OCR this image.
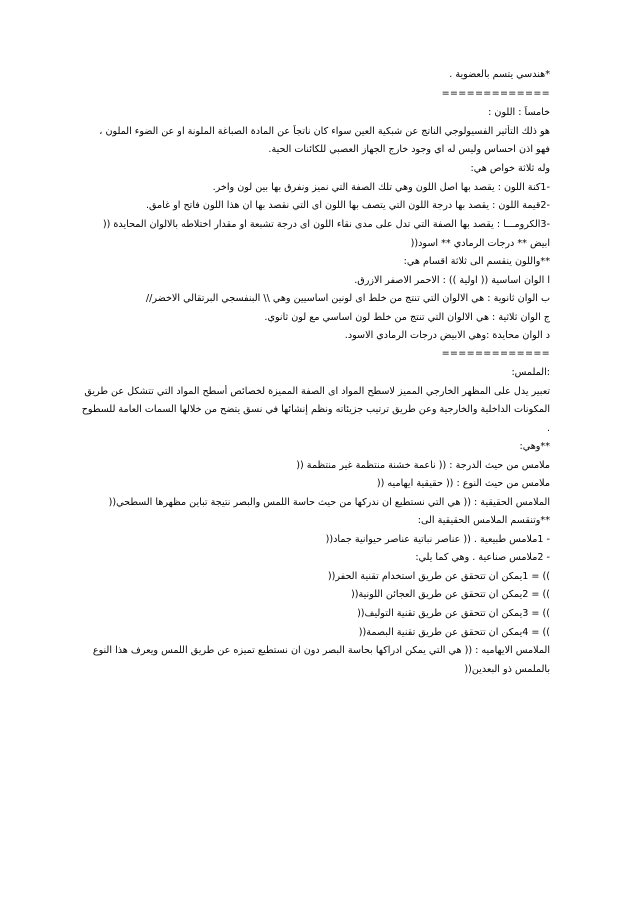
*هندسي يتسم بالعضوية .
=============
خامساً : اللون :
هو ذلك التأثير الفسيولوجي الناتج عن شبكية العين سواء كان ناتجاً عن المادة الصباغة الملونة او عن الضوء الملون ،
فهو اذن احساس وليس له اي وجود خارج الجهاز العصبي للكائنات الحية.
وله ثلاثة خواص هي:
-1كنة اللون : يقصد بها اصل اللون وهي تلك الصفة التي نميز ونفرق بها بين لون واخر.
-2قيمة اللون : يقصد بها درجة اللون التي يتصف بها اللون اى التي نقصد بها ان هذا اللون فاتح او غامق.
-3الكرومـــا : يقصد بها الصفة التي تدل على مدى نقاء اللون اى درجة تشبعة او مقدار اختلاطه بالالوان المحايدة ((
ابيض ** درجات الرمادي ** اسود((
**واللون ينقسم الى ثلاثة اقسام هي:
ا الوان اساسية (( اولية )) : الاحمر الاصفر الازرق.
ب الوان ثانوية : هي الالوان التي تنتج من خلط اى لونين اساسيين وهي \\ البنفسجي البرتقالي الاخضر//
ج الوان ثلاثية : هي الالوان التي تنتج من خلط لون اساسي مع لون ثانوي.
د الوان محايدة :وهي الابيض درجات الرمادي الاسود.
=============
:الملمس:
تعبير يدل على المظهر الخارجي المميز لاسطح المواد اى الصفة المميزة لخصائص أسطح المواد التي تتشكل عن طريق
المكونات الداخلية والخارجية وعن طريق ترتيب جزيئاته ونظم إنشائها في نسق يتضح من خلالها السمات العامة للسطوح
.
**وهي:
ملامس من حيث الدرجة : (( ناعمة خشنة منتظمة غير منتظمة ((
ملامس من حيث النوع : (( حقيقية ايهاميه ((
الملامس الحقيقية : (( هي التي نستطيع ان ندركها من حيث حاسة اللمس والبصر نتيجة تباين مظهرها السطحي((
**وتنقسم الملامس الحقيقية الى:
- 1ملامس طبيعية . (( عناصر نباتية عناصر حيوانية جماد((
- 2ملامس صناعية . وهي كما يلي:
)) = 1يمكن ان تتحقق عن طريق استخدام تقنية الحفر((
)) = 2يمكن ان تتحقق عن طريق العجائن اللونية((
)) = 3يمكن ان تتحقق عن طريق تقنية التوليف((
)) = 4يمكن ان تتحقق عن طريق تقنية البصمة((
الملامس الايهاميه : (( هي التي يمكن ادراكها بحاسة البصر دون ان نستطيع تميزه عن طريق اللمس ويعرف هذا النوع
بالملمس ذو البعدين((
